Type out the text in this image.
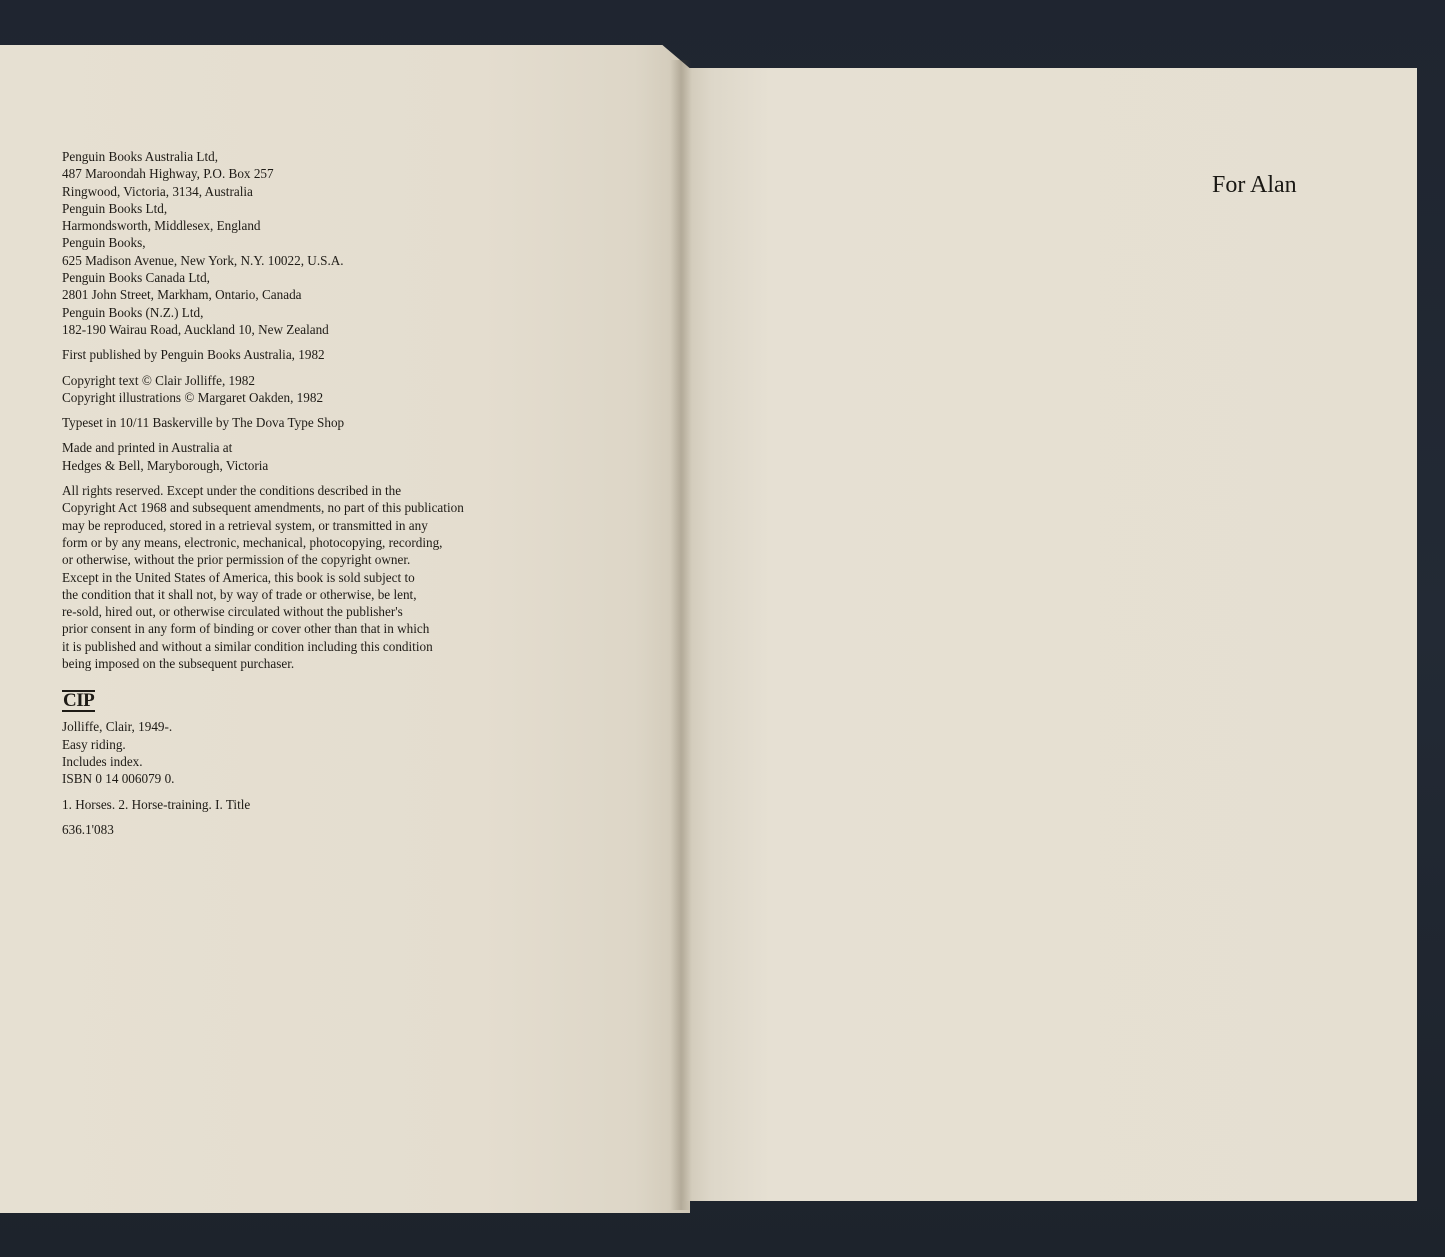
Penguin Books Australia Ltd,
487 Maroondah Highway, P.O. Box 257
Ringwood, Victoria, 3134, Australia
Penguin Books Ltd,
Harmondsworth, Middlesex, England
Penguin Books,
625 Madison Avenue, New York, N.Y. 10022, U.S.A.
Penguin Books Canada Ltd,
2801 John Street, Markham, Ontario, Canada
Penguin Books (N.Z.) Ltd,
182-190 Wairau Road, Auckland 10, New Zealand
First published by Penguin Books Australia, 1982
Copyright text © Clair Jolliffe, 1982
Copyright illustrations © Margaret Oakden, 1982
Typeset in 10/11 Baskerville by The Dova Type Shop
Made and printed in Australia at
Hedges & Bell, Maryborough, Victoria
All rights reserved. Except under the conditions described in the
Copyright Act 1968 and subsequent amendments, no part of this publication
may be reproduced, stored in a retrieval system, or transmitted in any
form or by any means, electronic, mechanical, photocopying, recording,
or otherwise, without the prior permission of the copyright owner.
Except in the United States of America, this book is sold subject to
the condition that it shall not, by way of trade or otherwise, be lent,
re-sold, hired out, or otherwise circulated without the publisher's
prior consent in any form of binding or cover other than that in which
it is published and without a similar condition including this condition
being imposed on the subsequent purchaser.
CIP
Jolliffe, Clair, 1949-.
Easy riding.
Includes index.
ISBN 0 14 006079 0.
1. Horses. 2. Horse-training. I. Title
636.1'083
For Alan
